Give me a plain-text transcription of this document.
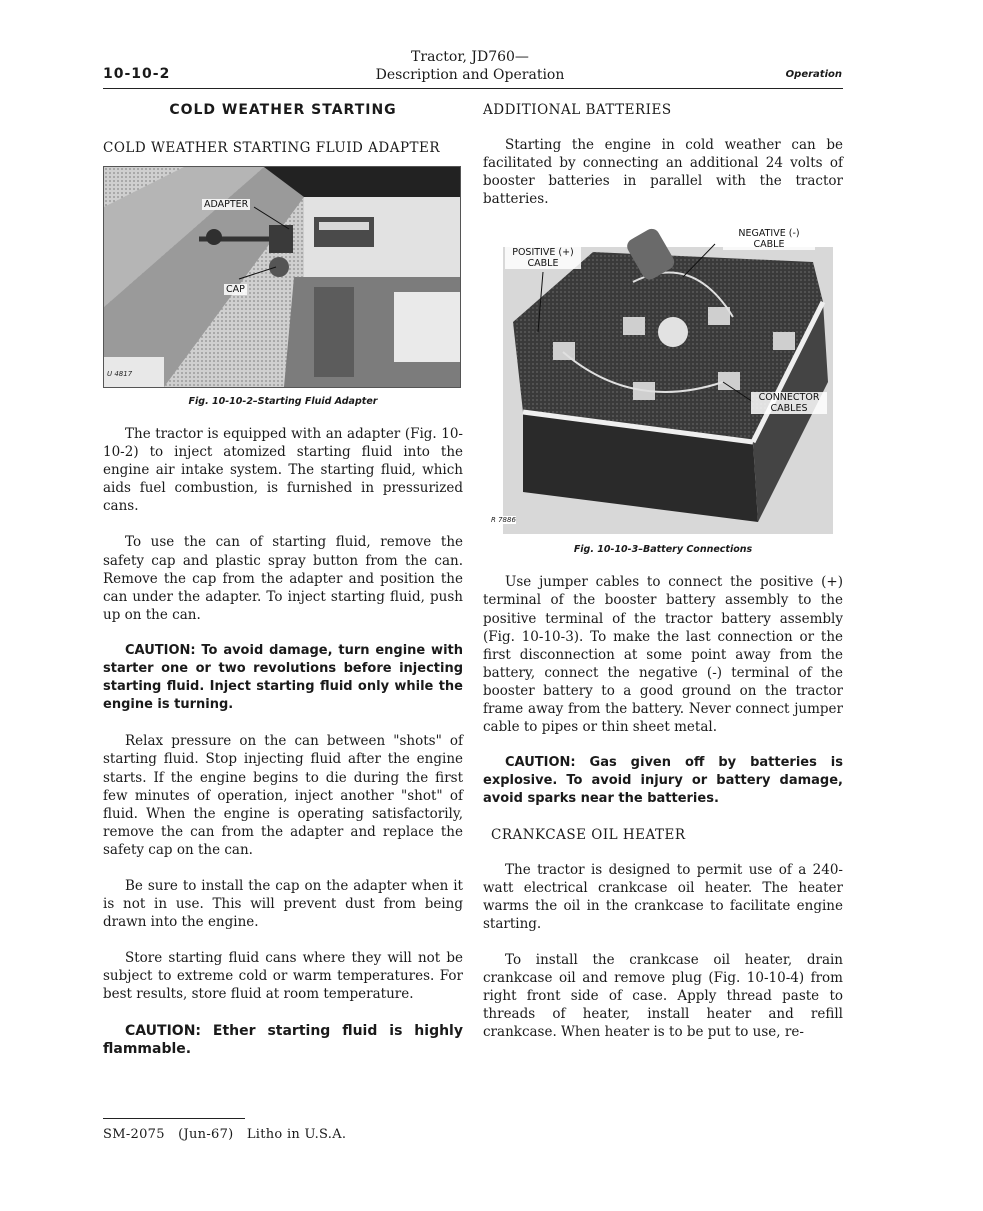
10-10-2
Tractor, JD760—
Description and Operation	Operation
COLD WEATHER STARTING
COLD WEATHER STARTING FLUID ADAPTER
ADAPTER
CAP
U 4817
Fig. 10-10-2–Starting Fluid Adapter

The tractor is equipped with an adapter (Fig. 10-10-2) to inject atomized starting fluid into the engine air intake system. The starting fluid, which aids fuel combustion, is furnished in pressurized cans.

To use the can of starting fluid, remove the safety cap and plastic spray button from the can. Remove the cap from the adapter and position the can under the adapter. To inject starting fluid, push up on the can.

CAUTION: To avoid damage, turn engine with starter one or two revolutions before injecting starting fluid. Inject starting fluid only while the engine is turning.

Relax pressure on the can between "shots" of starting fluid. Stop injecting fluid after the engine starts. If the engine begins to die during the first few minutes of operation, inject another "shot" of fluid. When the engine is operating satisfactorily, remove the can from the adapter and replace the safety cap on the can.

Be sure to install the cap on the adapter when it is not in use. This will prevent dust from being drawn into the engine.

Store starting fluid cans where they will not be subject to extreme cold or warm temperatures. For best results, store fluid at room temperature.

CAUTION: Ether starting fluid is highly flammable.

ADDITIONAL BATTERIES

Starting the engine in cold weather can be facilitated by connecting an additional 24 volts of booster batteries in parallel with the tractor batteries.

POSITIVE (+) CABLE
NEGATIVE (-) CABLE
CONNECTOR CABLES
R 7886
Fig. 10-10-3–Battery Connections

Use jumper cables to connect the positive (+) terminal of the booster battery assembly to the positive terminal of the tractor battery assembly (Fig. 10-10-3). To make the last connection or the first disconnection at some point away from the battery, connect the negative (-) terminal of the booster battery to a good ground on the tractor frame away from the battery. Never connect jumper cable to pipes or thin sheet metal.

CAUTION: Gas given off by batteries is explosive. To avoid injury or battery damage, avoid sparks near the batteries.

CRANKCASE OIL HEATER

The tractor is designed to permit use of a 240-watt electrical crankcase oil heater. The heater warms the oil in the crankcase to facilitate engine starting.

To install the crankcase oil heater, drain crankcase oil and remove plug (Fig. 10-10-4) from right front side of case. Apply thread paste to threads of heater, install heater and refill crankcase. When heater is to be put to use, re-

SM-2075   (Jun-67)   Litho in U.S.A.
